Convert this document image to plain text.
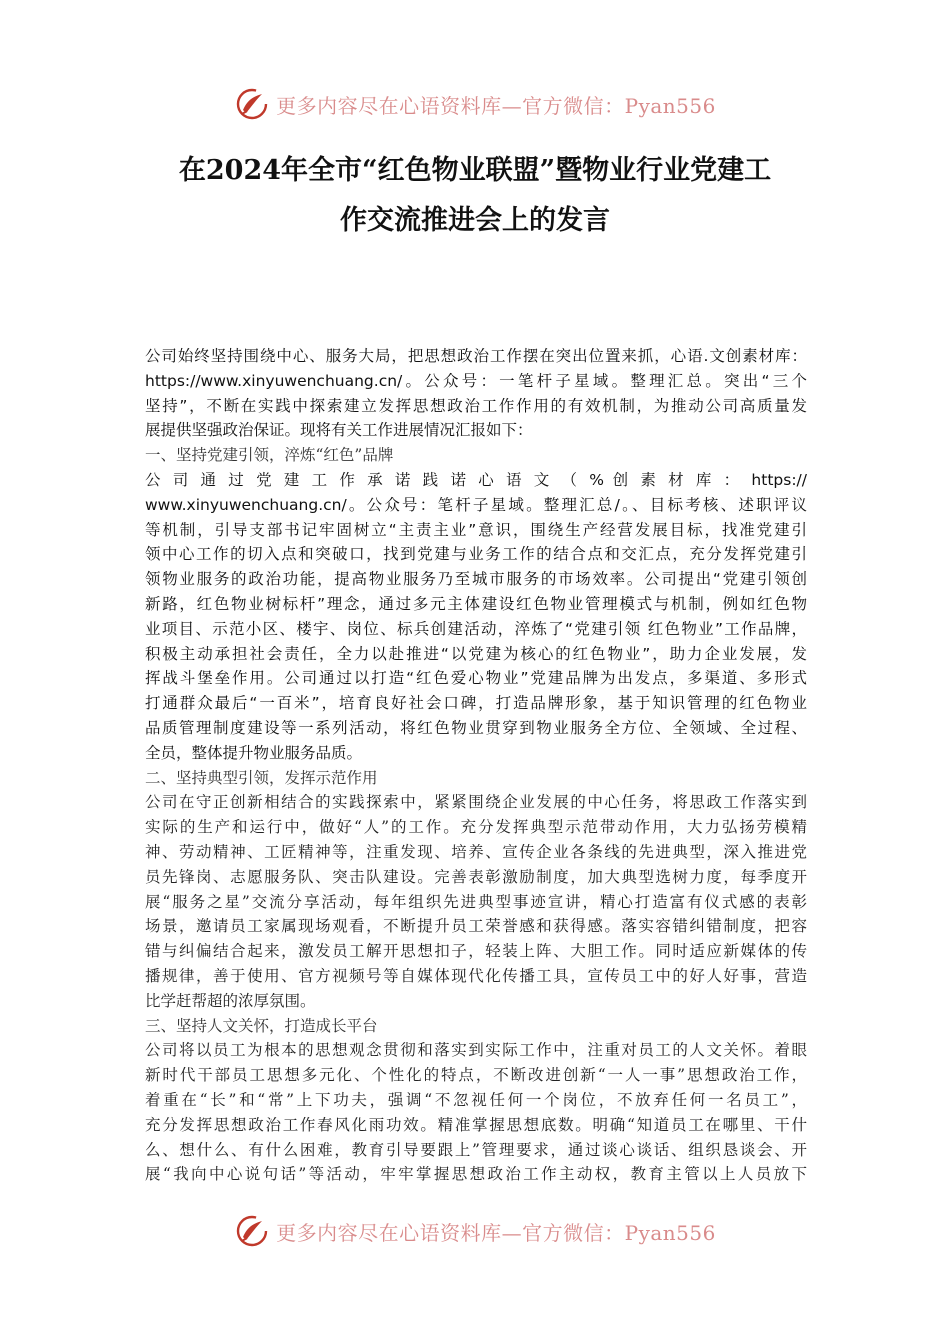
更多内容尽在心语资料库—官方微信：Pyan556
在2024年全市“红色物业联盟”暨物业行业党建工
作交流推进会上的发言
公司始终坚持围绕中心、服务大局，把思想政治工作摆在突出位置来抓，心语.文创素材库：
https://www.xinyuwenchuang.cn/。公众号：一笔杆子星域。整理汇总。突出“三个
坚持”，不断在实践中探索建立发挥思想政治工作作用的有效机制，为推动公司高质量发
展提供坚强政治保证。现将有关工作进展情况汇报如下：
一、坚持党建引领，淬炼“红色”品牌
公 司 通 过 党 建 工 作 承 诺 践 诺 心 语 文 （ % 创 素 材 库 ： https://
www.xinyuwenchuang.cn/。公众号：笔杆子星域。整理汇总/。、目标考核、述职评议
等机制，引导支部书记牢固树立“主责主业”意识，围绕生产经营发展目标，找准党建引
领中心工作的切入点和突破口，找到党建与业务工作的结合点和交汇点，充分发挥党建引
领物业服务的政治功能，提高物业服务乃至城市服务的市场效率。公司提出“党建引领创
新路，红色物业树标杆”理念，通过多元主体建设红色物业管理模式与机制，例如红色物
业项目、示范小区、楼宇、岗位、标兵创建活动，淬炼了“党建引领 红色物业”工作品牌，
积极主动承担社会责任，全力以赴推进“以党建为核心的红色物业”，助力企业发展，发
挥战斗堡垒作用。公司通过以打造“红色爱心物业”党建品牌为出发点，多渠道、多形式
打通群众最后“一百米”，培育良好社会口碑，打造品牌形象，基于知识管理的红色物业
品质管理制度建设等一系列活动，将红色物业贯穿到物业服务全方位、全领域、全过程、
全员，整体提升物业服务品质。
二、坚持典型引领，发挥示范作用
公司在守正创新相结合的实践探索中，紧紧围绕企业发展的中心任务，将思政工作落实到
实际的生产和运行中，做好“人”的工作。充分发挥典型示范带动作用，大力弘扬劳模精
神、劳动精神、工匠精神等，注重发现、培养、宣传企业各条线的先进典型，深入推进党
员先锋岗、志愿服务队、突击队建设。完善表彰激励制度，加大典型选树力度，每季度开
展“服务之星”交流分享活动，每年组织先进典型事迹宣讲，精心打造富有仪式感的表彰
场景，邀请员工家属现场观看，不断提升员工荣誉感和获得感。落实容错纠错制度，把容
错与纠偏结合起来，激发员工解开思想扣子，轻装上阵、大胆工作。同时适应新媒体的传
播规律，善于使用、官方视频号等自媒体现代化传播工具，宣传员工中的好人好事，营造
比学赶帮超的浓厚氛围。
三、坚持人文关怀，打造成长平台
公司将以员工为根本的思想观念贯彻和落实到实际工作中，注重对员工的人文关怀。着眼
新时代干部员工思想多元化、个性化的特点，不断改进创新“一人一事”思想政治工作，
着重在“长”和“常”上下功夫，强调“不忽视任何一个岗位，不放弃任何一名员工”，
充分发挥思想政治工作春风化雨功效。精准掌握思想底数。明确“知道员工在哪里、干什
么、想什么、有什么困难，教育引导要跟上”管理要求，通过谈心谈话、组织恳谈会、开
展“我向中心说句话”等活动，牢牢掌握思想政治工作主动权，教育主管以上人员放下
更多内容尽在心语资料库—官方微信：Pyan556
